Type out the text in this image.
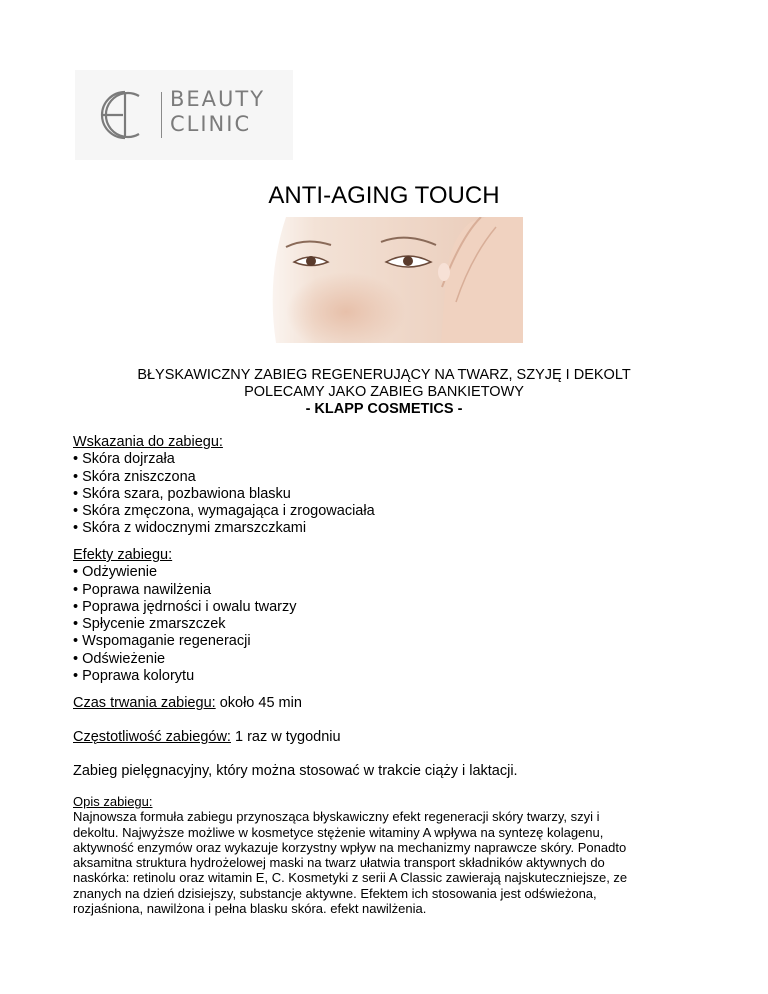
BEAUTY
CLINIC
ANTI-AGING TOUCH
BŁYSKAWICZNY ZABIEG REGENERUJĄCY NA TWARZ, SZYJĘ I DEKOLT
POLECAMY JAKO ZABIEG BANKIETOWY
- KLAPP COSMETICS -
Wskazania do zabiegu:
• Skóra dojrzała
• Skóra zniszczona
• Skóra szara, pozbawiona blasku
• Skóra zmęczona, wymagająca i zrogowaciała
• Skóra z widocznymi zmarszczkami
Efekty zabiegu:
• Odżywienie
• Poprawa nawilżenia
• Poprawa jędrności i owalu twarzy
• Spłycenie zmarszczek
• Wspomaganie regeneracji
• Odświeżenie
• Poprawa kolorytu
Czas trwania zabiegu: około 45 min
Częstotliwość zabiegów: 1 raz w tygodniu
Zabieg pielęgnacyjny, który można stosować w trakcie ciąży i laktacji.
Opis zabiegu:
Najnowsza formuła zabiegu przynosząca błyskawiczny efekt regeneracji skóry twarzy, szyi i
dekoltu. Najwyższe możliwe w kosmetyce stężenie witaminy A wpływa na syntezę kolagenu,
aktywność enzymów oraz wykazuje korzystny wpływ na mechanizmy naprawcze skóry. Ponadto
aksamitna struktura hydrożelowej maski na twarz ułatwia transport składników aktywnych do
naskórka: retinolu oraz witamin E, C. Kosmetyki z serii A Classic zawierają najskuteczniejsze, ze
znanych na dzień dzisiejszy, substancje aktywne. Efektem ich stosowania jest odświeżona,
rozjaśniona, nawilżona i pełna blasku skóra. efekt nawilżenia.
